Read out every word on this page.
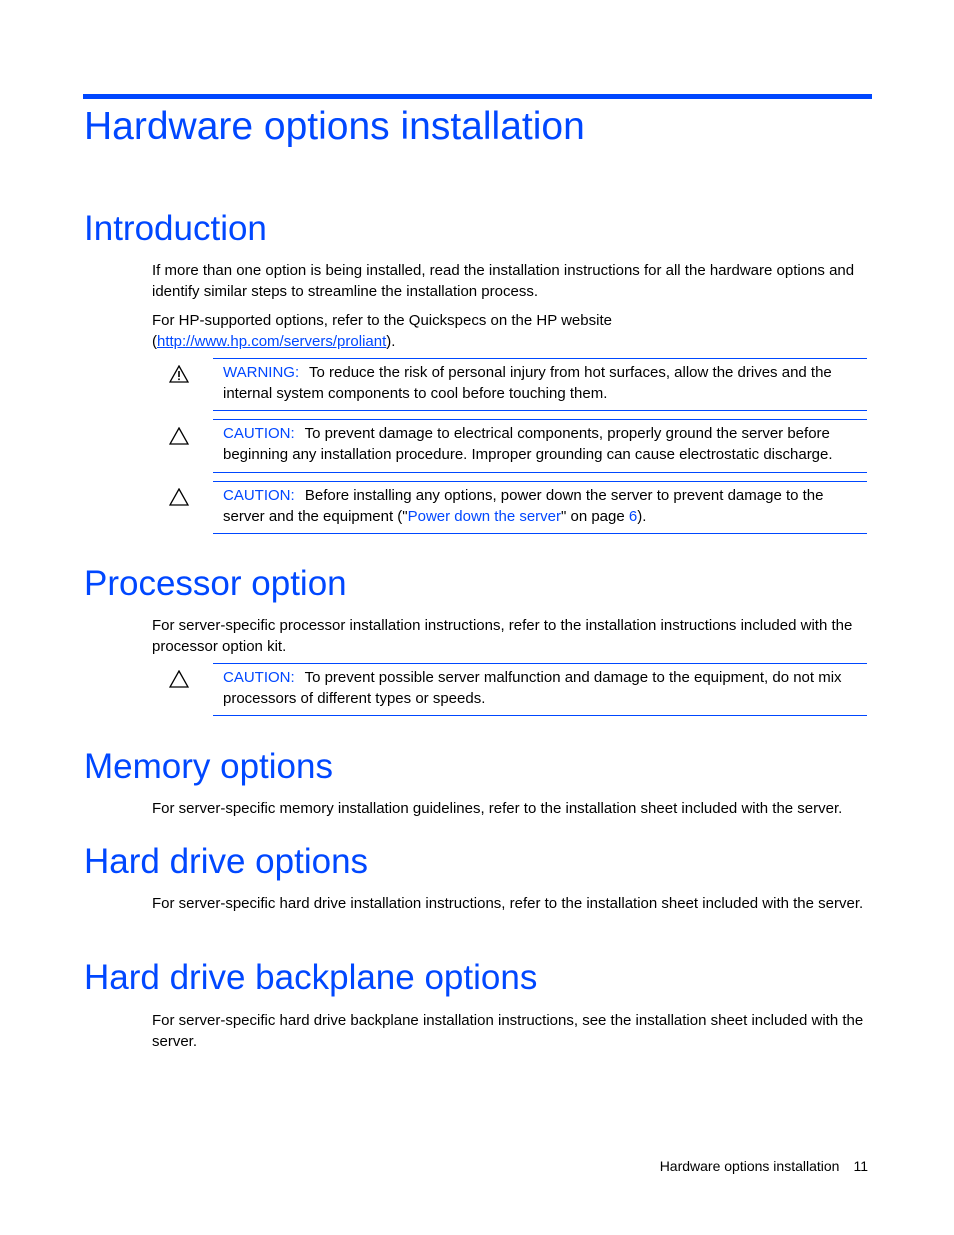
Hardware options installation
Introduction

If more than one option is being installed, read the installation instructions for all the hardware options and identify similar steps to streamline the installation process.

For HP-supported options, refer to the Quickspecs on the HP website
(http://www.hp.com/servers/proliant).

WARNING: To reduce the risk of personal injury from hot surfaces, allow the drives and the internal system components to cool before touching them.
CAUTION: To prevent damage to electrical components, properly ground the server before beginning any installation procedure. Improper grounding can cause electrostatic discharge.
CAUTION: Before installing any options, power down the server to prevent damage to the server and the equipment ("Power down the server" on page 6).
Processor option

For server-specific processor installation instructions, refer to the installation instructions included with the processor option kit.

CAUTION: To prevent possible server malfunction and damage to the equipment, do not mix processors of different types or speeds.
Memory options

For server-specific memory installation guidelines, refer to the installation sheet included with the server.

Hard drive options

For server-specific hard drive installation instructions, refer to the installation sheet included with the server.

Hard drive backplane options

For server-specific hard drive backplane installation instructions, see the installation sheet included with the server.

Hardware options installation 11
